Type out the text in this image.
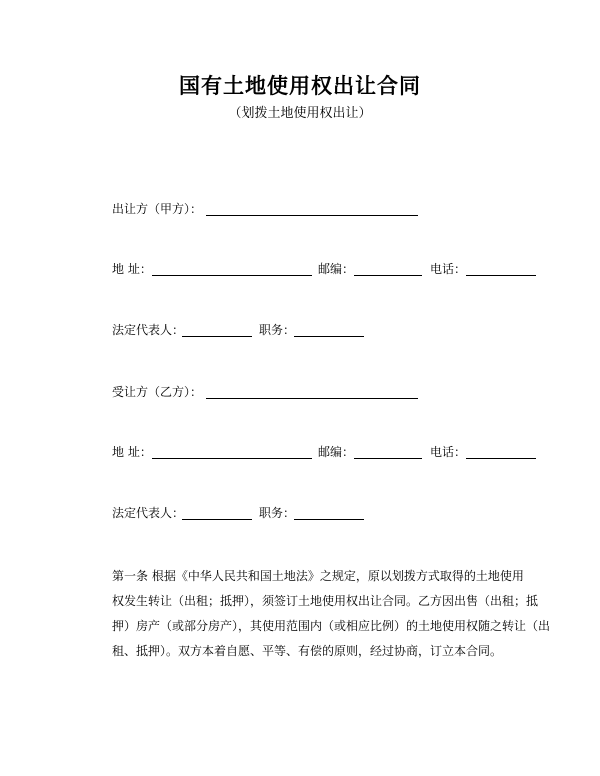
国有土地使用权出让合同
（划拨土地使用权出让）
出让方（甲方）：
地 址：	邮编：	电话：
法定代表人：	职务：
受让方（乙方）：
地 址：	邮编：	电话：
法定代表人：	职务：

第一条 根据《中华人民共和国土地法》之规定，原以划拨方式取得的土地使用

权发生转让（出租；抵押），须签订土地使用权出让合同。乙方因出售（出租；抵

押）房产（或部分房产），其使用范围内（或相应比例）的土地使用权随之转让（出

租、抵押）。双方本着自愿、平等、有偿的原则，经过协商，订立本合同。
